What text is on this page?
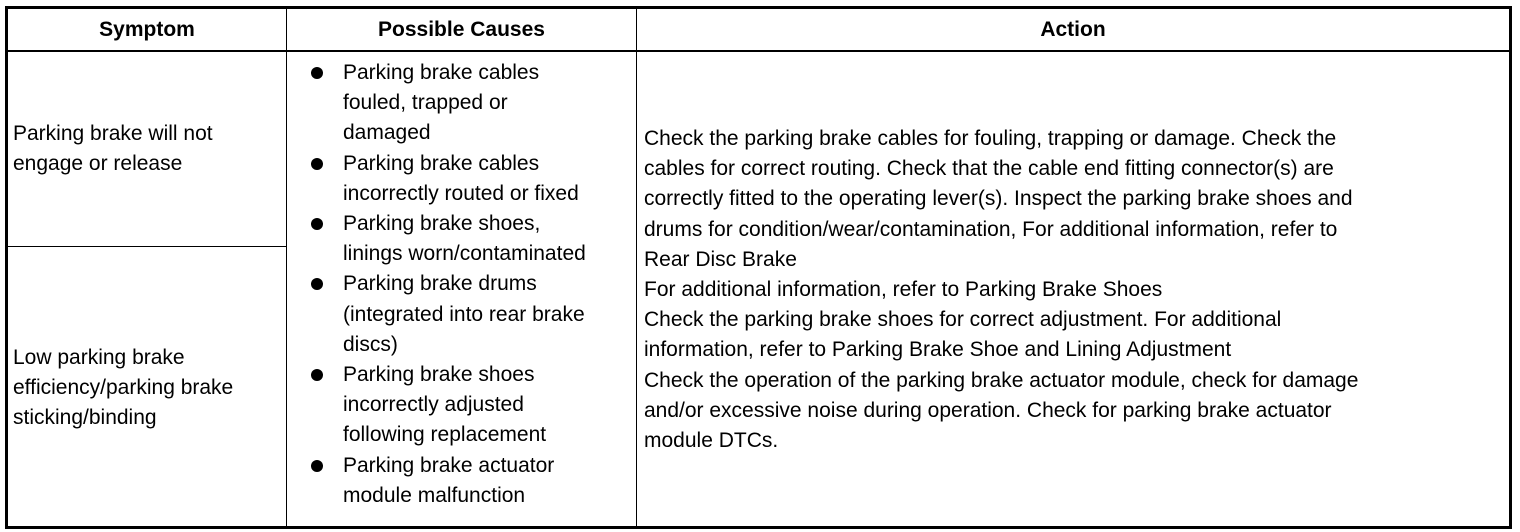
Symptom	Possible Causes	Action
Parking brake will not
engage or release
Low parking brake
efficiency/parking brake
sticking/binding
Parking brake cables
fouled, trapped or
damaged
Parking brake cables
incorrectly routed or fixed
Parking brake shoes,
linings worn/contaminated
Parking brake drums
(integrated into rear brake
discs)
Parking brake shoes
incorrectly adjusted
following replacement
Parking brake actuator
module malfunction
Check the parking brake cables for fouling, trapping or damage. Check the
cables for correct routing. Check that the cable end fitting connector(s) are
correctly fitted to the operating lever(s). Inspect the parking brake shoes and
drums for condition/wear/contamination, For additional information, refer to
Rear Disc Brake
For additional information, refer to Parking Brake Shoes
Check the parking brake shoes for correct adjustment. For additional
information, refer to Parking Brake Shoe and Lining Adjustment
Check the operation of the parking brake actuator module, check for damage
and/or excessive noise during operation. Check for parking brake actuator
module DTCs.
